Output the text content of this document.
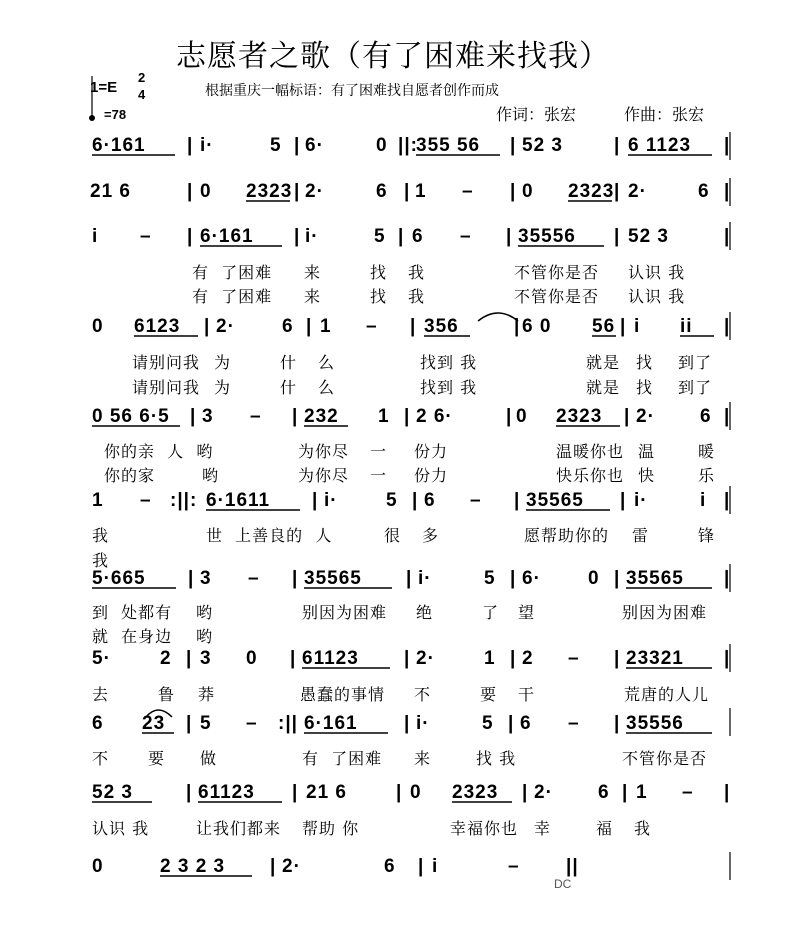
志愿者之歌（有了困难来找我）
1=E
2
4
=78
根据重庆一幅标语：有了困难找自愿者创作而成
作词：张宏	作曲：张宏
6·161 | i·	5 | 6·	0 ||:
355 56 | 52 3	| 6 1123 |
21 6	| 0 2323 | 2·	6 | 1 – | 0 2323 | 2·	6 |
i – | 6·161 | i·	5 | 6 – | 35556 | 52 3	|
有  了困难 来	找 我	不管你是否 认识 我
有  了困难 来	找 我	不管你是否 认识 我
0 6123 | 2· 6 | 1 – | 356	| 6 0 56 | i ii |
请别问我 为	什 么	找到 我	就是 找 到了
请别问我 为	什 么	找到 我	就是 找 到了
0 56 6·5 | 3 – | 232 1 | 2 6·	| 0 2323 | 2· 6 |
你的亲  人  哟	为你尽 一 份力	温暖你也 温	暖
你的家	哟	为你尽 一 份力	快乐你也 快	乐
1 – :||: 6·1611 | i·	5 | 6 – | 35565 | i·	i |
我	世  上善良的  人	很 多	愿帮助你的 雷	锋
我
5·665 | 3 – | 35565 | i·	5 | 6· 0 | 35565 |
到  处都有 哟	别因为困难 绝	了 望	别因为困难
就  在身边 哟
5·	2 | 3 0 | 61123 | 2·	1 | 2 – | 23321 |
去	鲁 莽	愚蠢的事情 不	要 干	荒唐的人儿
6 23 | 5 – :|| 6·161 | i·	5 | 6 – | 35556
不 要 做	有  了困难 来	找 我	不管你是否
52 3	| 61123 | 21 6	| 0 2323 | 2· 6 | 1 – |
认识 我	让我们都来 帮助 你	幸福你也 幸	福 我
0	2 3 2 3 | 2·	6 | i	– ||
DC
